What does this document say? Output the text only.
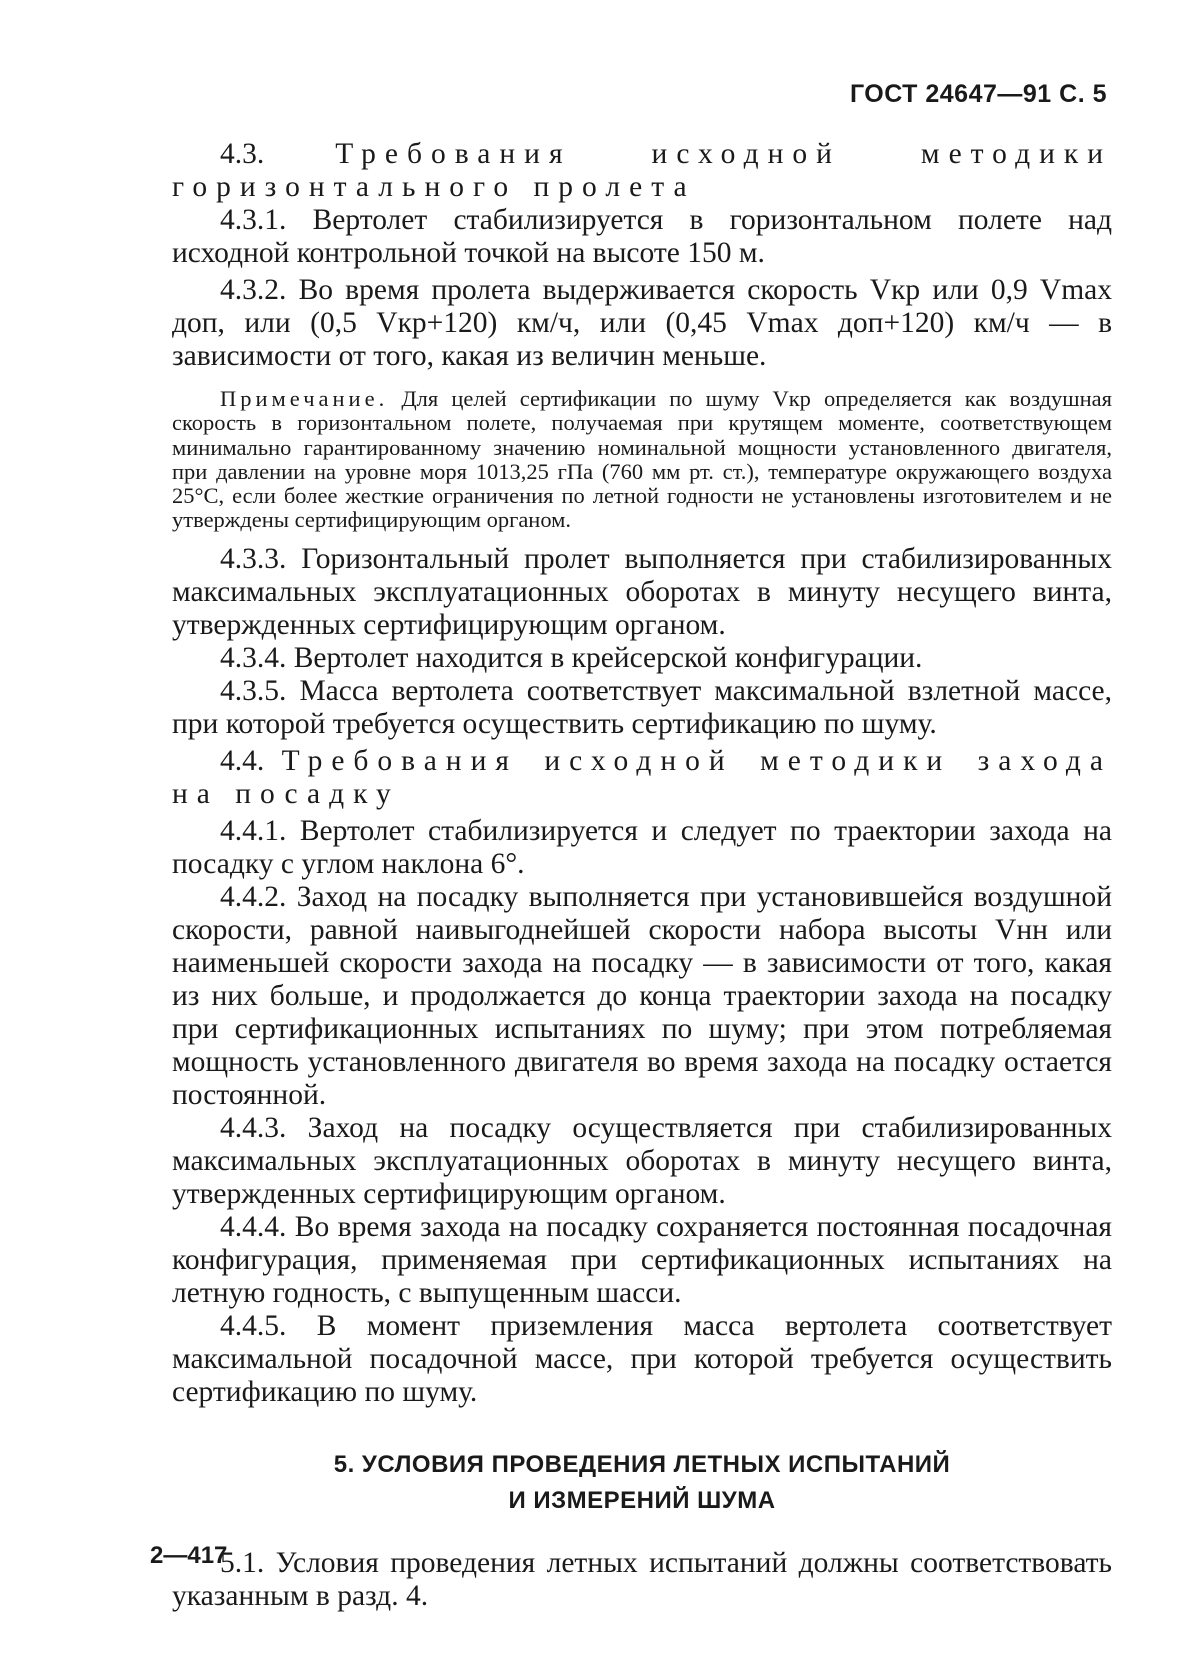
ГОСТ 24647—91 С. 5

4.3. Требования исходной методики горизонтального пролета

4.3.1. Вертолет стабилизируется в горизонтальном полете над исходной контрольной точкой на высоте 150 м.

4.3.2. Во время пролета выдерживается скорость Vкр или 0,9 Vmax доп, или (0,5 Vкр+120) км/ч, или (0,45 Vmax доп+120) км/ч — в зависимости от того, какая из величин меньше.

Примечание. Для целей сертификации по шуму Vкр определяется как воздушная скорость в горизонтальном полете, получаемая при крутящем моменте, соответствующем минимально гарантированному значению номинальной мощности установленного двигателя, при давлении на уровне моря 1013,25 гПа (760 мм рт. ст.), температуре окружающего воздуха 25°С, если более жесткие ограничения по летной годности не установлены изготовителем и не утверждены сертифицирующим органом.

4.3.3. Горизонтальный пролет выполняется при стабилизированных максимальных эксплуатационных оборотах в минуту несущего винта, утвержденных сертифицирующим органом.

4.3.4. Вертолет находится в крейсерской конфигурации.

4.3.5. Масса вертолета соответствует максимальной взлетной массе, при которой требуется осуществить сертификацию по шуму.

4.4. Требования исходной методики захода на посадку

4.4.1. Вертолет стабилизируется и следует по траектории захода на посадку с углом наклона 6°.

4.4.2. Заход на посадку выполняется при установившейся воздушной скорости, равной наивыгоднейшей скорости набора высоты Vнн или наименьшей скорости захода на посадку — в зависимости от того, какая из них больше, и продолжается до конца траектории захода на посадку при сертификационных испытаниях по шуму; при этом потребляемая мощность установленного двигателя во время захода на посадку остается постоянной.

4.4.3. Заход на посадку осуществляется при стабилизированных максимальных эксплуатационных оборотах в минуту несущего винта, утвержденных сертифицирующим органом.

4.4.4. Во время захода на посадку сохраняется постоянная посадочная конфигурация, применяемая при сертификационных испытаниях на летную годность, с выпущенным шасси.

4.4.5. В момент приземления масса вертолета соответствует максимальной посадочной массе, при которой требуется осуществить сертификацию по шуму.

5. УСЛОВИЯ ПРОВЕДЕНИЯ ЛЕТНЫХ ИСПЫТАНИЙ
И ИЗМЕРЕНИЙ ШУМА

5.1. Условия проведения летных испытаний должны соответствовать указанным в разд. 4.

2—417
